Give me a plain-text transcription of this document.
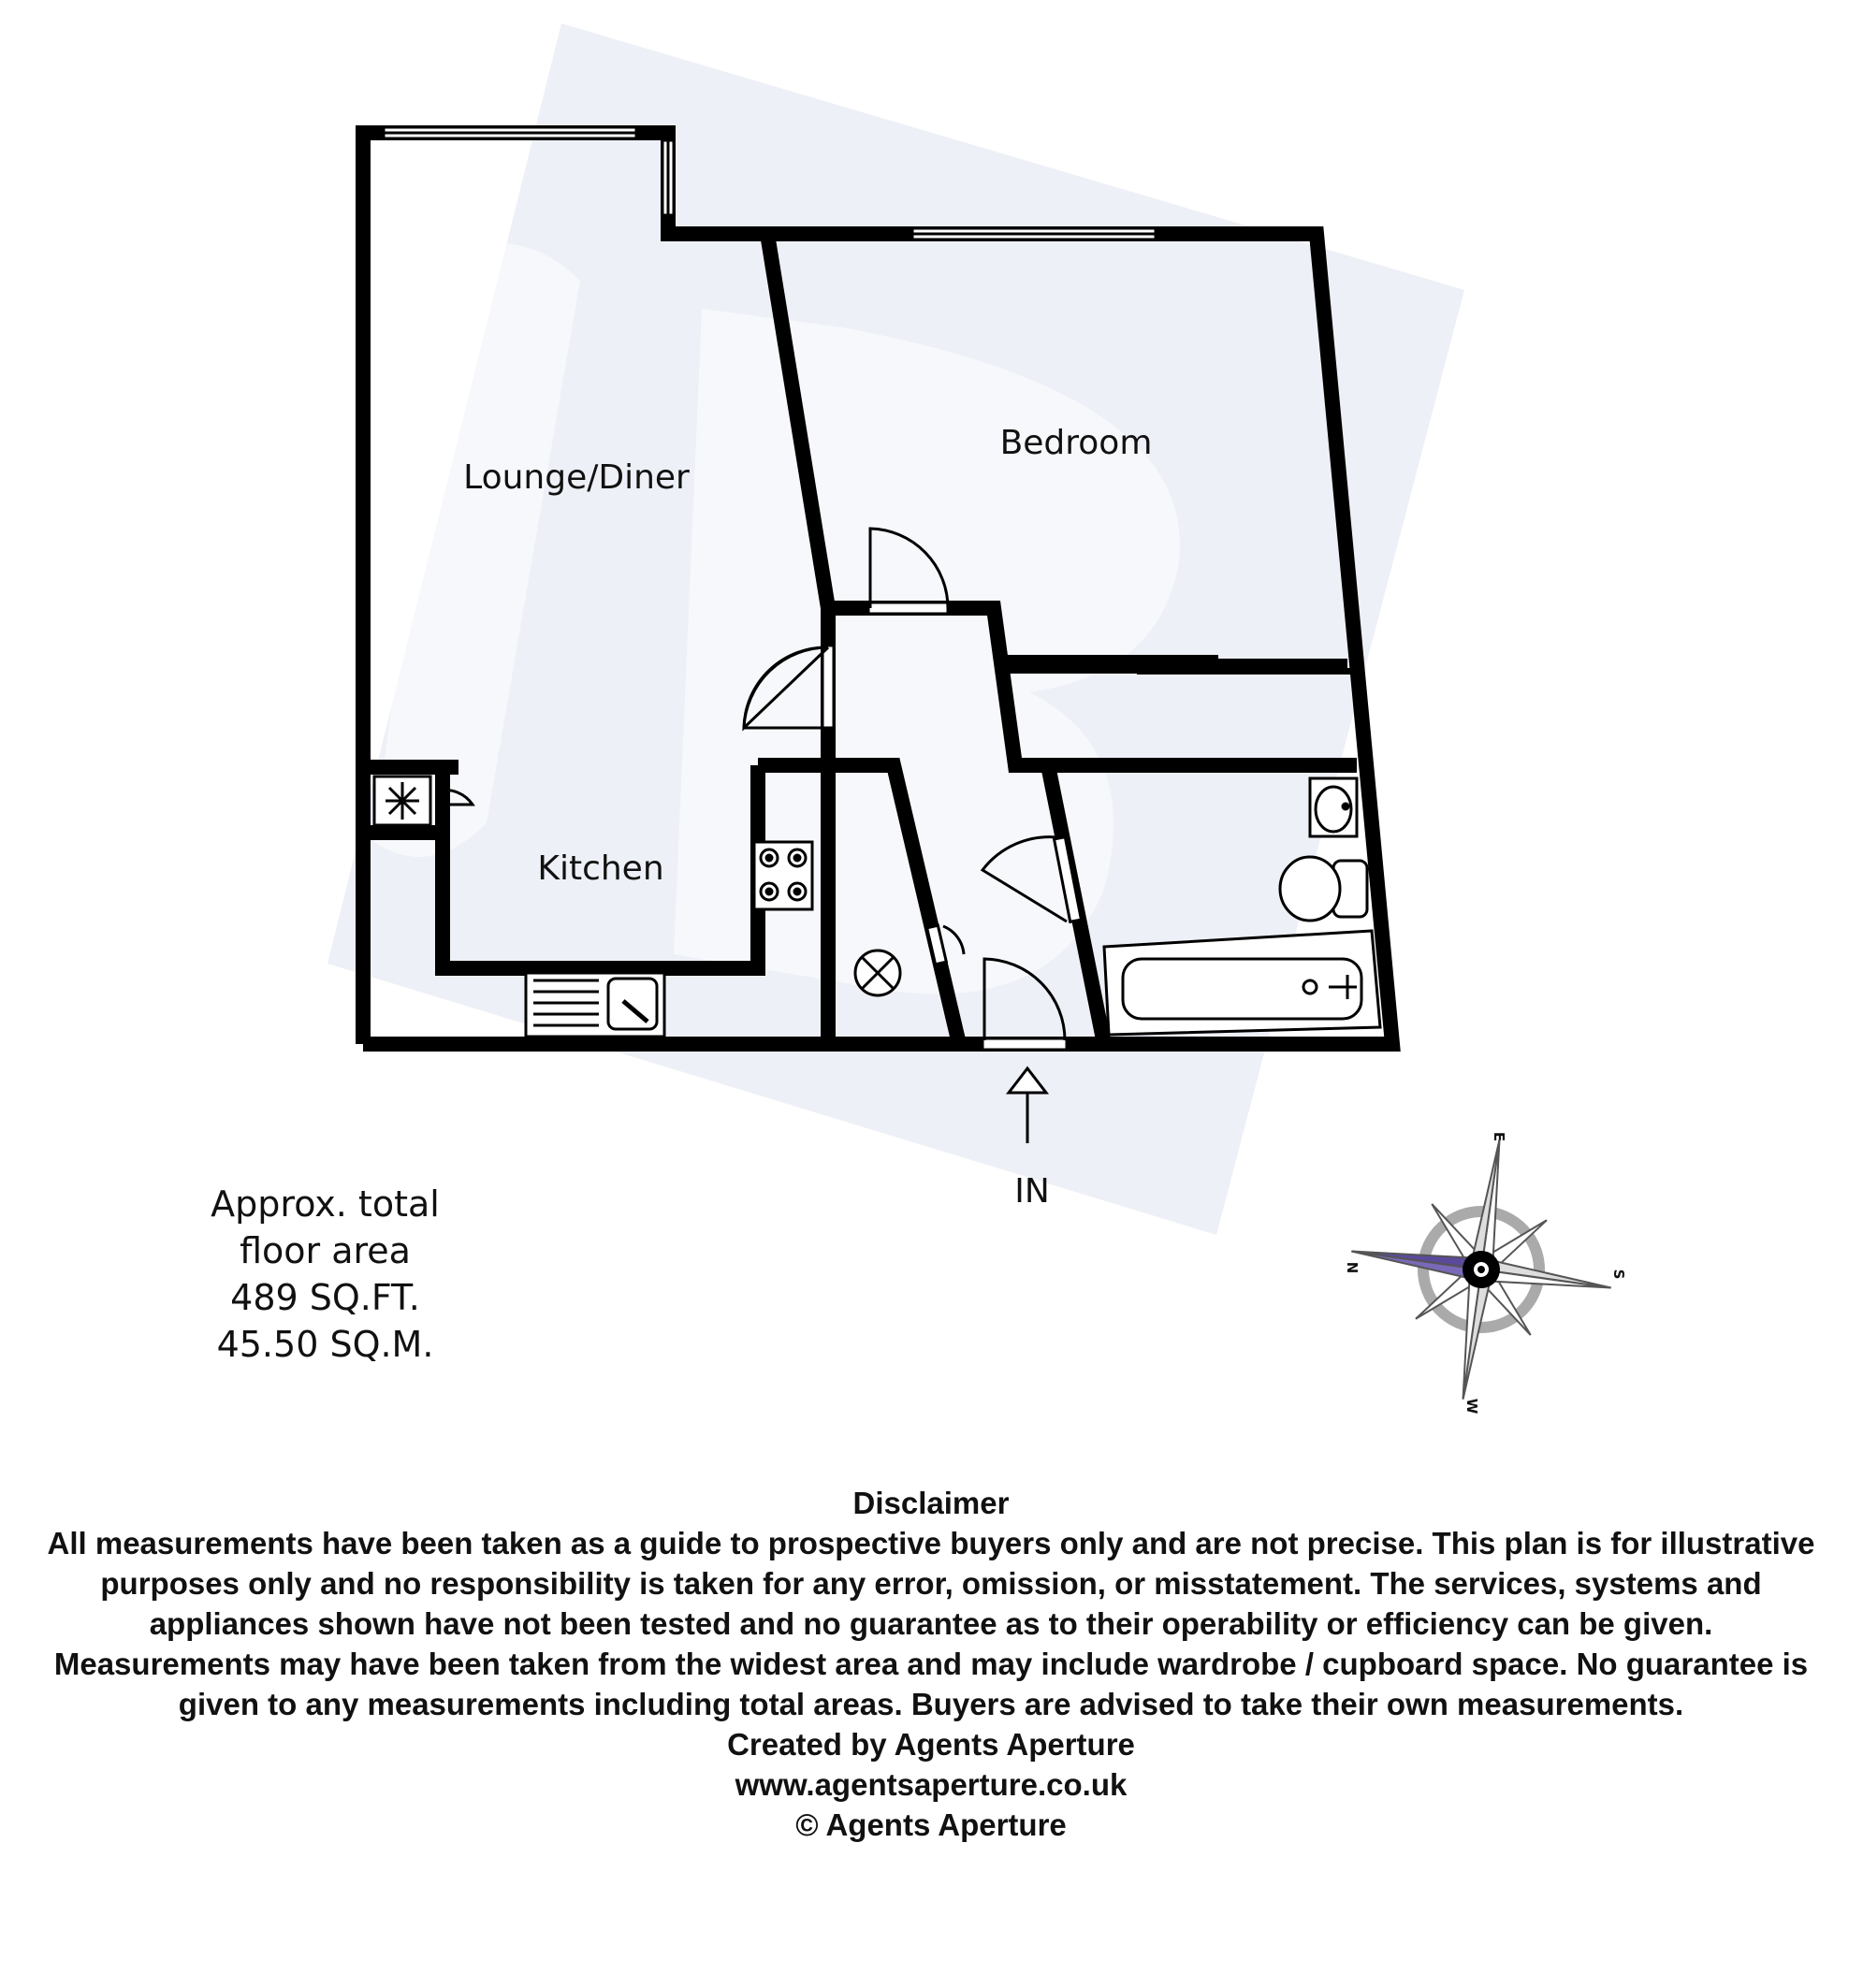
Lounge/Diner
Bedroom
Kitchen
IN
N
E
S
W
Approx. total
floor area
489 SQ.FT.
45.50 SQ.M.
Disclaimer
All measurements have been taken as a guide to prospective buyers only and are not precise. This plan is for illustrative purposes only and no responsibility is taken for any error, omission, or misstatement. The services, systems and appliances shown have not been tested and no guarantee as to their operability or efficiency can be given. Measurements may have been taken from the widest area and may include wardrobe / cupboard space. No guarantee is given to any measurements including total areas. Buyers are advised to take their own measurements.
Created by Agents Aperture
www.agentsaperture.co.uk
© Agents Aperture
